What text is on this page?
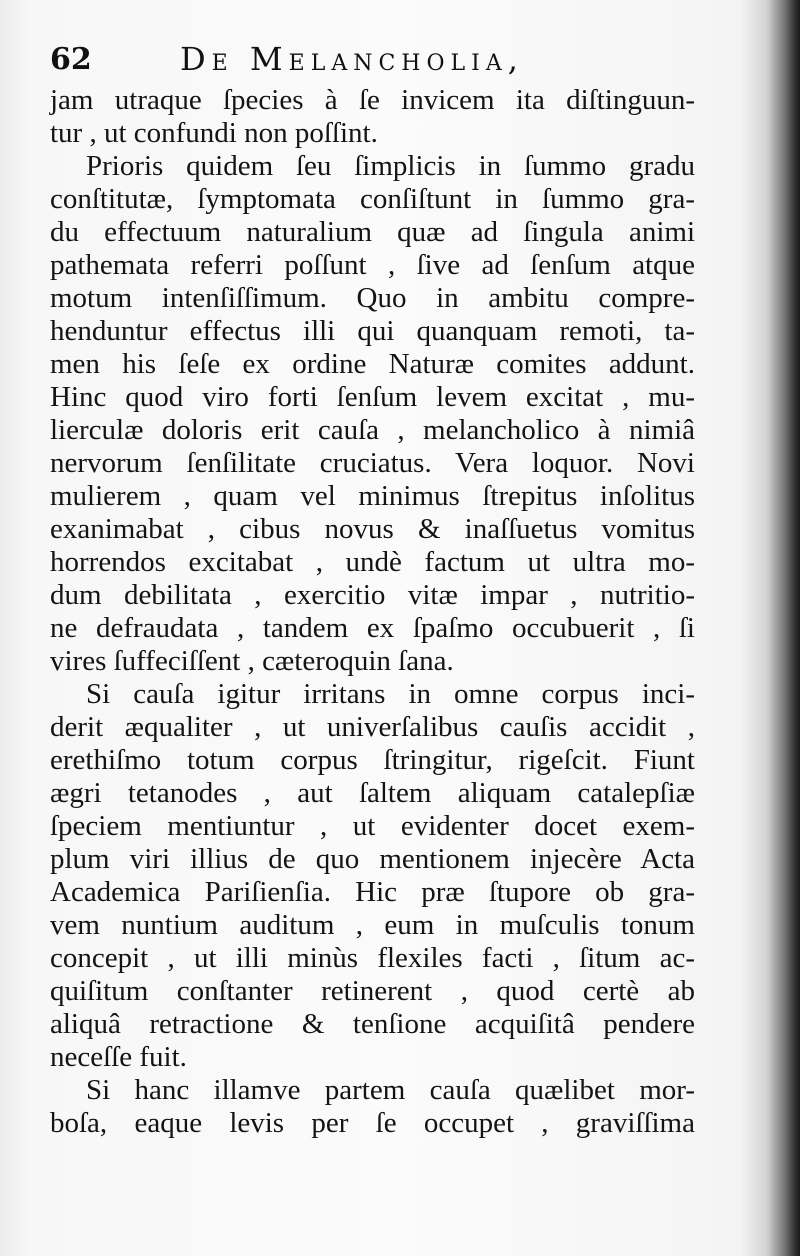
62	De Melancholia,
jam utraque ſpecies à ſe invicem ita diſtinguun-
tur , ut confundi non poſſint.
Prioris quidem ſeu ſimplicis in ſummo gradu
conſtitutæ, ſymptomata conſiſtunt in ſummo gra-
du effectuum naturalium quæ ad ſingula animi
pathemata referri poſſunt , ſive ad ſenſum atque
motum intenſiſſimum. Quo in ambitu compre-
henduntur effectus illi qui quanquam remoti, ta-
men his ſeſe ex ordine Naturæ comites addunt.
Hinc quod viro forti ſenſum levem excitat , mu-
lierculæ doloris erit cauſa , melancholico à nimiâ
nervorum ſenſilitate cruciatus. Vera loquor. Novi
mulierem , quam vel minimus ſtrepitus inſolitus
exanimabat , cibus novus & inaſſuetus vomitus
horrendos excitabat , undè factum ut ultra mo-
dum debilitata , exercitio vitæ impar , nutritio-
ne defraudata , tandem ex ſpaſmo occubuerit , ſi
vires ſuffeciſſent , cæteroquin ſana.
Si cauſa igitur irritans in omne corpus inci-
derit æqualiter , ut univerſalibus cauſis accidit ,
erethiſmo totum corpus ſtringitur, rigeſcit. Fiunt
ægri tetanodes , aut ſaltem aliquam catalepſiæ
ſpeciem mentiuntur , ut evidenter docet exem-
plum viri illius de quo mentionem injecère Acta
Academica Pariſienſia. Hic præ ſtupore ob gra-
vem nuntium auditum , eum in muſculis tonum
concepit , ut illi minùs flexiles facti , ſitum ac-
quiſitum conſtanter retinerent , quod certè ab
aliquâ retractione & tenſione acquiſitâ pendere
neceſſe fuit.
Si hanc illamve partem cauſa quælibet mor-
boſa, eaque levis per ſe occupet , graviſſima
